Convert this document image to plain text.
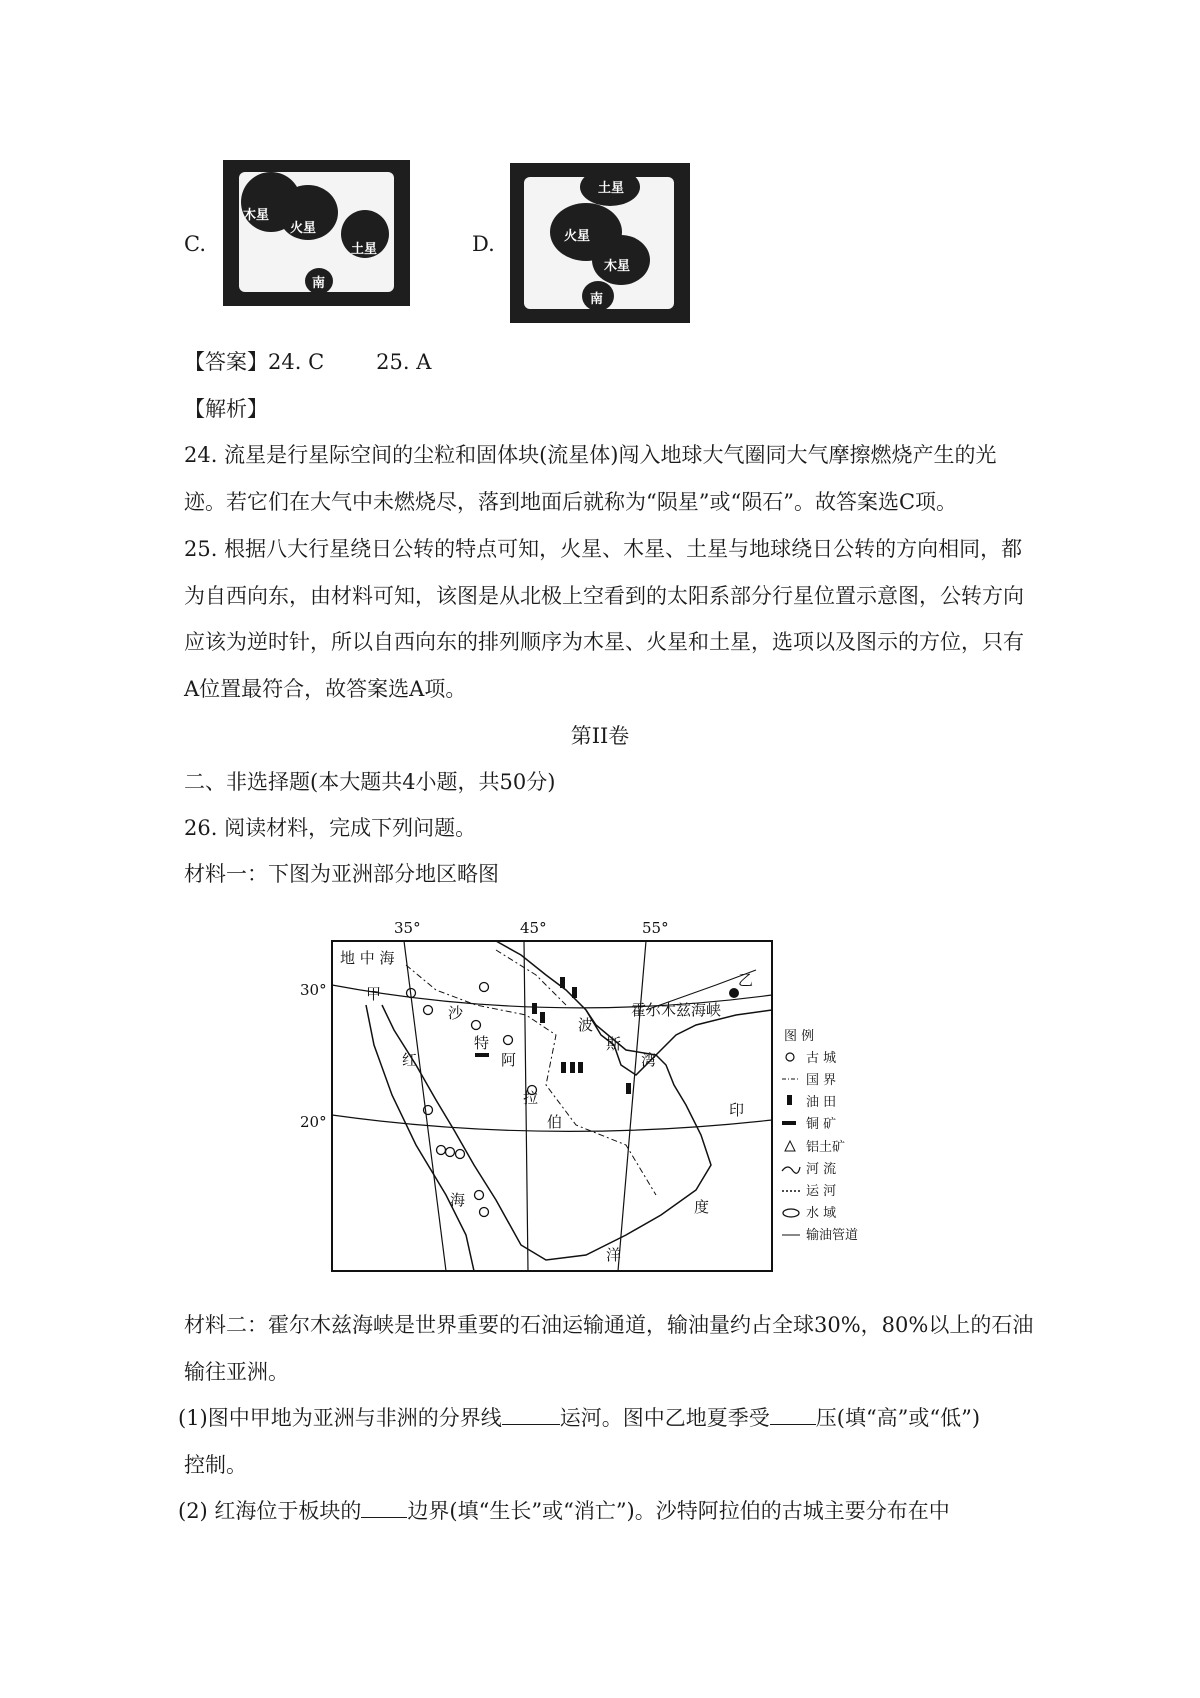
C.
木星
火星
土星
南
D.
土星
火星
木星
南
【答案】24. C 25. A
【解析】
24. 流星是行星际空间的尘粒和固体块(流星体)闯入地球大气圈同大气摩擦燃烧产生的光
迹。若它们在大气中未燃烧尽，落到地面后就称为“陨星”或“陨石”。故答案选C项。
25. 根据八大行星绕日公转的特点可知，火星、木星、土星与地球绕日公转的方向相同，都
为自西向东，由材料可知，该图是从北极上空看到的太阳系部分行星位置示意图，公转方向
应该为逆时针，所以自西向东的排列顺序为木星、火星和土星，选项以及图示的方位，只有
A位置最符合，故答案选A项。
第II卷
二、非选择题(本大题共4小题，共50分)
26. 阅读材料，完成下列问题。
材料一：下图为亚洲部分地区略图
35°	45°	55°
30°
20°
地 中 海
甲
乙
霍尔木兹海峡
沙
特
阿
拉
伯
红
海
波
斯
湾
印
度
洋
图 例
古 城
国 界
油 田
铜 矿
铝土矿
河 流
运 河
水 域
输油管道
材料二：霍尔木兹海峡是世界重要的石油运输通道，输油量约占全球30%，80%以上的石油
输往亚洲。
(1)图中甲地为亚洲与非洲的分界线	运河。图中乙地夏季受 压(填“高”或“低”)
控制。
(2) 红海位于板块的 边界(填“生长”或“消亡”)。沙特阿拉伯的古城主要分布在中
